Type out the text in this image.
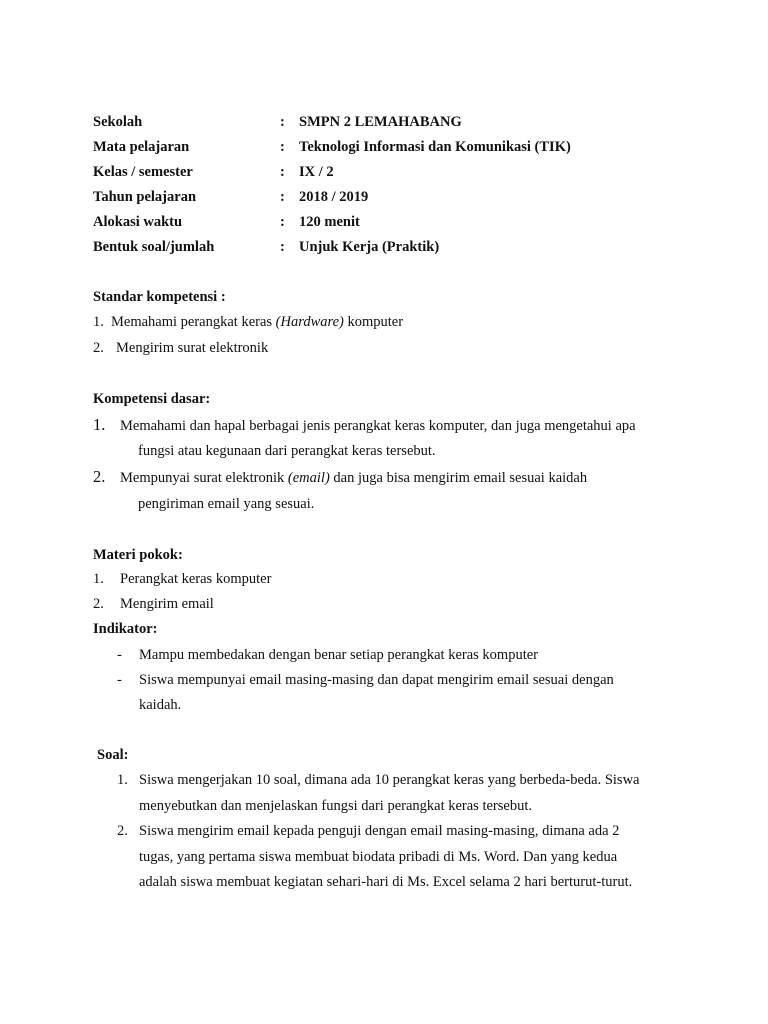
Sekolah	: SMPN 2 LEMAHABANG
Mata pelajaran	: Teknologi Informasi dan Komunikasi (TIK)
Kelas / semester	: IX / 2
Tahun pelajaran	: 2018 / 2019
Alokasi waktu	: 120 menit
Bentuk soal/jumlah	: Unjuk Kerja (Praktik)
Standar kompetensi :
1. Memahami perangkat keras (Hardware) komputer
2. Mengirim surat elektronik
Kompetensi dasar:
1. Memahami dan hapal berbagai jenis perangkat keras komputer, dan juga mengetahui apa
fungsi atau kegunaan dari perangkat keras tersebut.
2. Mempunyai surat elektronik (email) dan juga bisa mengirim email sesuai kaidah
pengiriman email yang sesuai.
Materi pokok:
1. Perangkat keras komputer
2. Mengirim email
Indikator:
- Mampu membedakan dengan benar setiap perangkat keras komputer
- Siswa mempunyai email masing-masing dan dapat mengirim email sesuai dengan
kaidah.
Soal:
1. Siswa mengerjakan 10 soal, dimana ada 10 perangkat keras yang berbeda-beda. Siswa
menyebutkan dan menjelaskan fungsi dari perangkat keras tersebut.
2. Siswa mengirim email kepada penguji dengan email masing-masing, dimana ada 2
tugas, yang pertama siswa membuat biodata pribadi di Ms. Word. Dan yang kedua
adalah siswa membuat kegiatan sehari-hari di Ms. Excel selama 2 hari berturut-turut.
